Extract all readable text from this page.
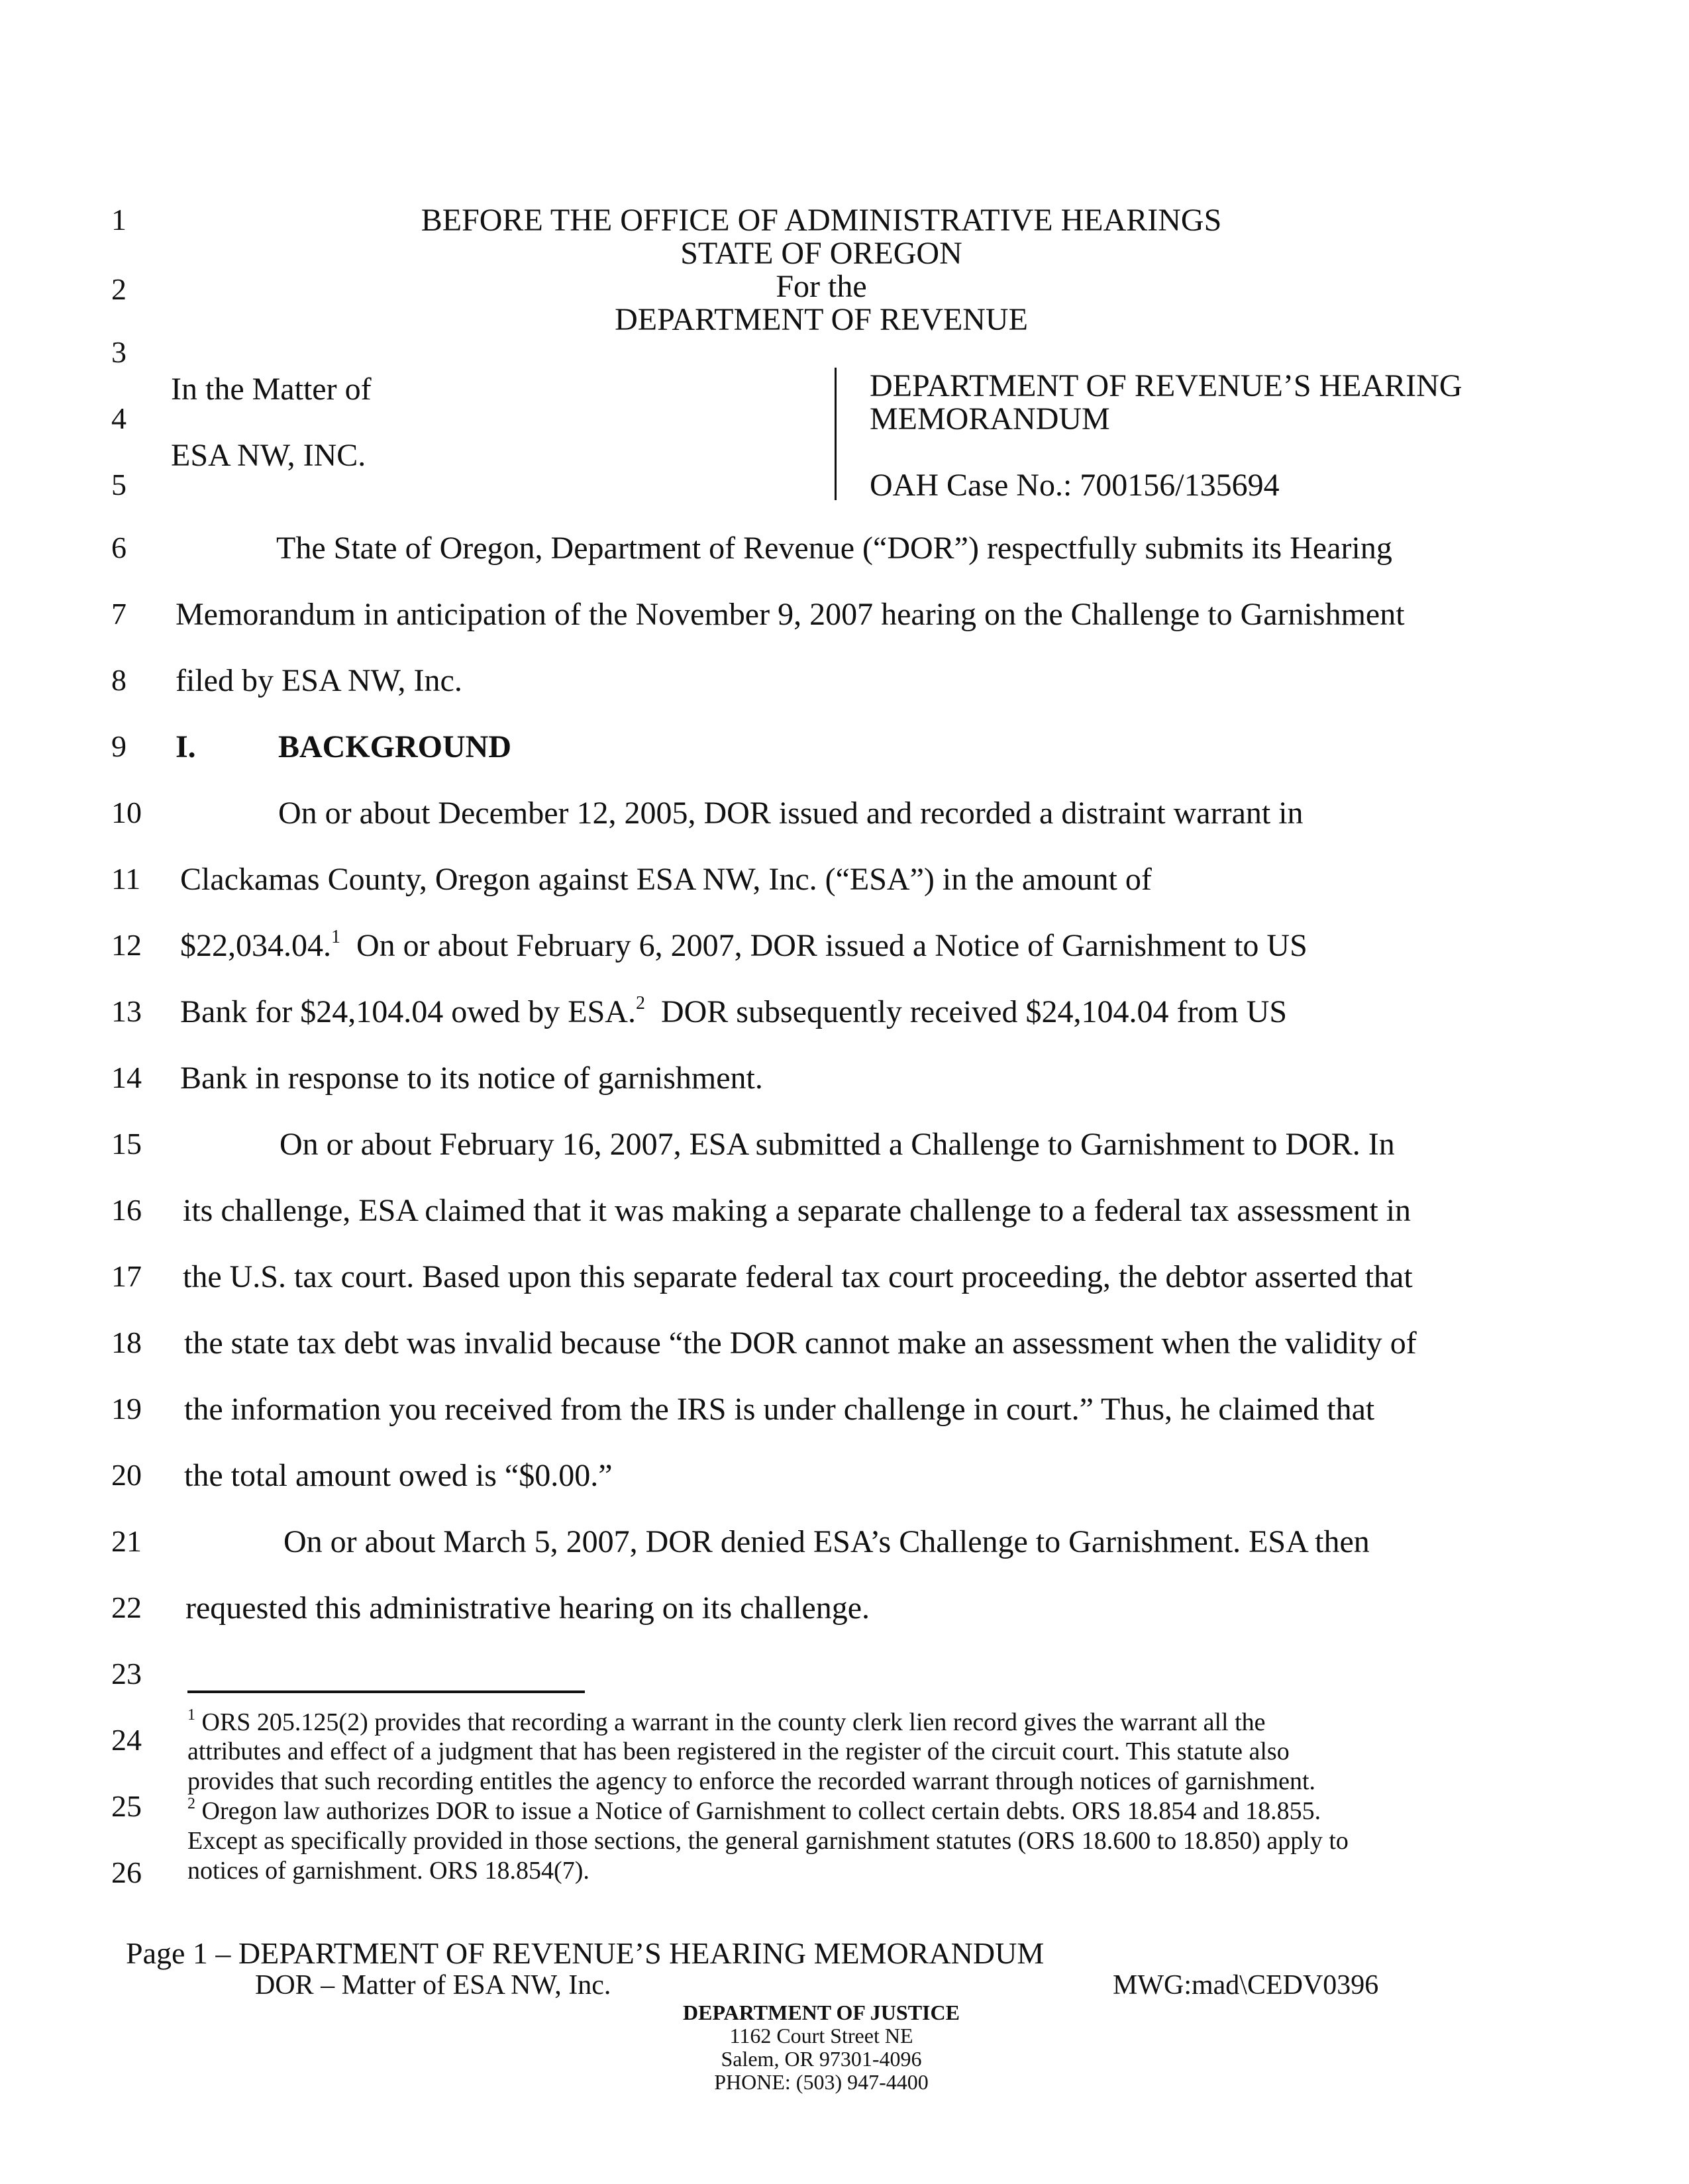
BEFORE THE OFFICE OF ADMINISTRATIVE HEARINGS
STATE OF OREGON
For the
DEPARTMENT OF REVENUE
In the Matter of
ESA NW, INC.
DEPARTMENT OF REVENUE’S HEARING
MEMORANDUM
OAH Case No.: 700156/135694
1
2
3
4
5
6
7
8
9
10
11
12
13
14
15
16
17
18
19
20
21
22
23
24
25
26
The State of Oregon, Department of Revenue (“DOR”) respectfully submits its Hearing
Memorandum in anticipation of the November 9, 2007 hearing on the Challenge to Garnishment
filed by ESA NW, Inc.
I.	BACKGROUND
On or about December 12, 2005, DOR issued and recorded a distraint warrant in
Clackamas County, Oregon against ESA NW, Inc. (“ESA”) in the amount of
$22,034.04.$^1$  On or about February 6, 2007, DOR issued a Notice of Garnishment to US
Bank for $24,104.04 owed by ESA.$^2$  DOR subsequently received $24,104.04 from US
Bank in response to its notice of garnishment.
On or about February 16, 2007, ESA submitted a Challenge to Garnishment to DOR. In
its challenge, ESA claimed that it was making a separate challenge to a federal tax assessment in
the U.S. tax court. Based upon this separate federal tax court proceeding, the debtor asserted that
the state tax debt was invalid because “the DOR cannot make an assessment when the validity of
the information you received from the IRS is under challenge in court.” Thus, he claimed that
the total amount owed is “$0.00.”
On or about March 5, 2007, DOR denied ESA’s Challenge to Garnishment. ESA then
requested this administrative hearing on its challenge.
$^1$ ORS 205.125(2) provides that recording a warrant in the county clerk lien record gives the warrant all the
attributes and effect of a judgment that has been registered in the register of the circuit court. This statute also
provides that such recording entitles the agency to enforce the recorded warrant through notices of garnishment.
$^2$ Oregon law authorizes DOR to issue a Notice of Garnishment to collect certain debts. ORS 18.854 and 18.855.
Except as specifically provided in those sections, the general garnishment statutes (ORS 18.600 to 18.850) apply to
notices of garnishment. ORS 18.854(7).
Page 1 – DEPARTMENT OF REVENUE’S HEARING MEMORANDUM
DOR – Matter of ESA NW, Inc.	MWG:mad\CEDV0396
DEPARTMENT OF JUSTICE
1162 Court Street NE
Salem, OR 97301-4096
PHONE: (503) 947-4400
